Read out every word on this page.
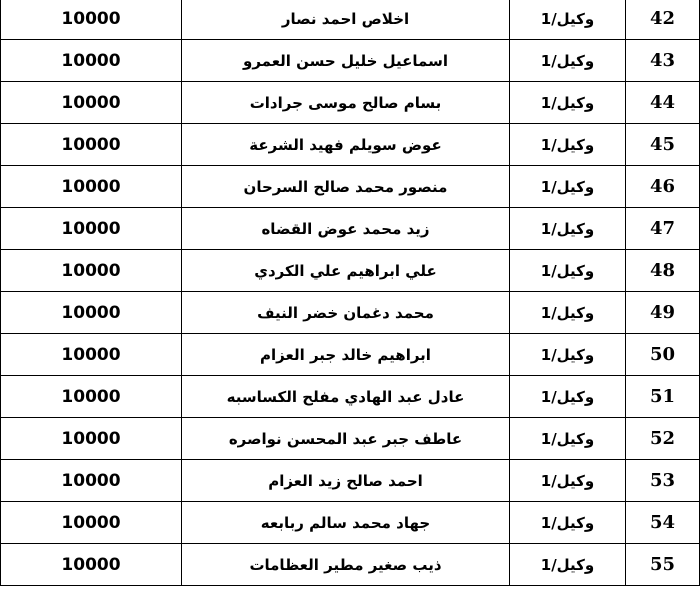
10000	اخلاص احمد نصار	وكيل/1	42
10000	اسماعيل خليل حسن العمرو	وكيل/1	43
10000	بسام صالح موسى جرادات	وكيل/1	44
10000	عوض سويلم فهيد الشرعة	وكيل/1	45
10000	منصور محمد صالح السرحان	وكيل/1	46
10000	زيد محمد عوض القضاه	وكيل/1	47
10000	علي ابراهيم علي الكردي	وكيل/1	48
10000	محمد دغمان خضر النيف	وكيل/1	49
10000	ابراهيم خالد جبر العزام	وكيل/1	50
10000	عادل عبد الهادي مفلح الكساسبه	وكيل/1	51
10000	عاطف جبر عبد المحسن نواصره	وكيل/1	52
10000	احمد صالح زيد العزام	وكيل/1	53
10000	جهاد محمد سالم ربابعه	وكيل/1	54
10000	ذيب صغير مطير العظامات	وكيل/1	55
